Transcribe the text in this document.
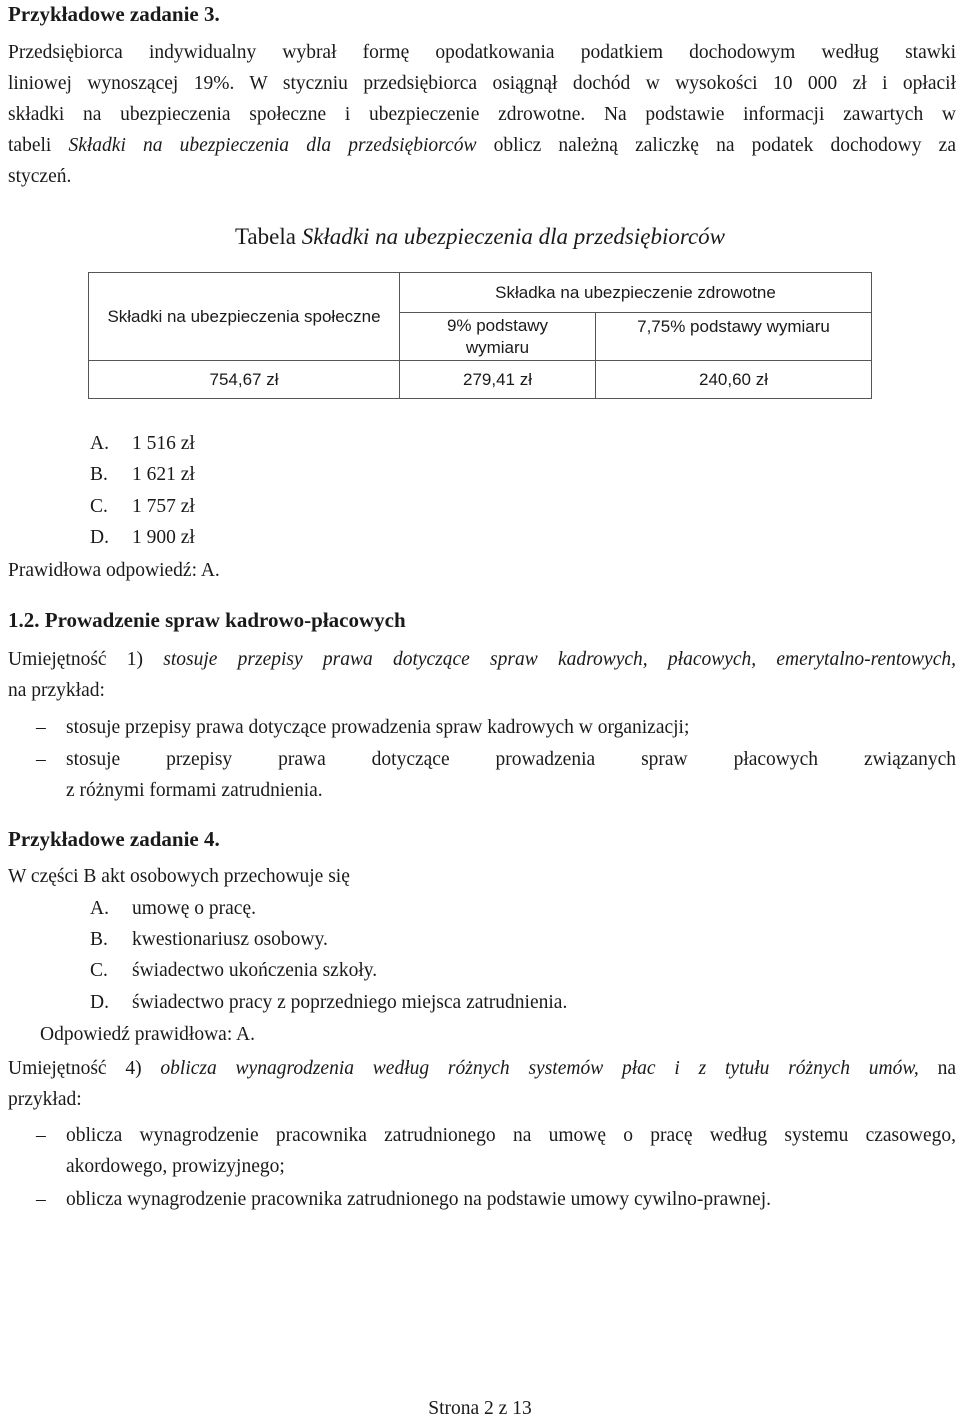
Przykładowe zadanie 3.
Przedsiębiorca indywidualny wybrał formę opodatkowania podatkiem dochodowym według stawki
liniowej wynoszącej 19%. W styczniu przedsiębiorca osiągnął dochód w wysokości 10 000 zł i opłacił
składki na ubezpieczenia społeczne i ubezpieczenie zdrowotne. Na podstawie informacji zawartych w
tabeli Składki na ubezpieczenia dla przedsiębiorców oblicz należną zaliczkę na podatek dochodowy za
styczeń.
Tabela Składki na ubezpieczenia dla przedsiębiorców
Składki na ubezpieczenia społeczne	Składka na ubezpieczenie zdrowotne	
	9% podstawy wymiaru	7,75% podstawy wymiaru
754,67 zł	279,41 zł	240,60 zł
A. 1 516 zł
B. 1 621 zł
C. 1 757 zł
D. 1 900 zł
Prawidłowa odpowiedź: A.
1.2. Prowadzenie spraw kadrowo-płacowych
Umiejętność 1) stosuje przepisy prawa dotyczące spraw kadrowych, płacowych, emerytalno-rentowych,
na przykład:
– stosuje przepisy prawa dotyczące prowadzenia spraw kadrowych w organizacji;
– stosuje przepisy prawa dotyczące prowadzenia spraw płacowych związanych
z różnymi formami zatrudnienia.
Przykładowe zadanie 4.
W części B akt osobowych przechowuje się
A. umowę o pracę.
B. kwestionariusz osobowy.
C. świadectwo ukończenia szkoły.
D. świadectwo pracy z poprzedniego miejsca zatrudnienia.
Odpowiedź prawidłowa: A.
Umiejętność 4) oblicza wynagrodzenia według różnych systemów płac i z tytułu różnych umów, na
przykład:
– oblicza wynagrodzenie pracownika zatrudnionego na umowę o pracę według systemu czasowego,
akordowego, prowizyjnego;
– oblicza wynagrodzenie pracownika zatrudnionego na podstawie umowy cywilno-prawnej.
Strona 2 z 13
